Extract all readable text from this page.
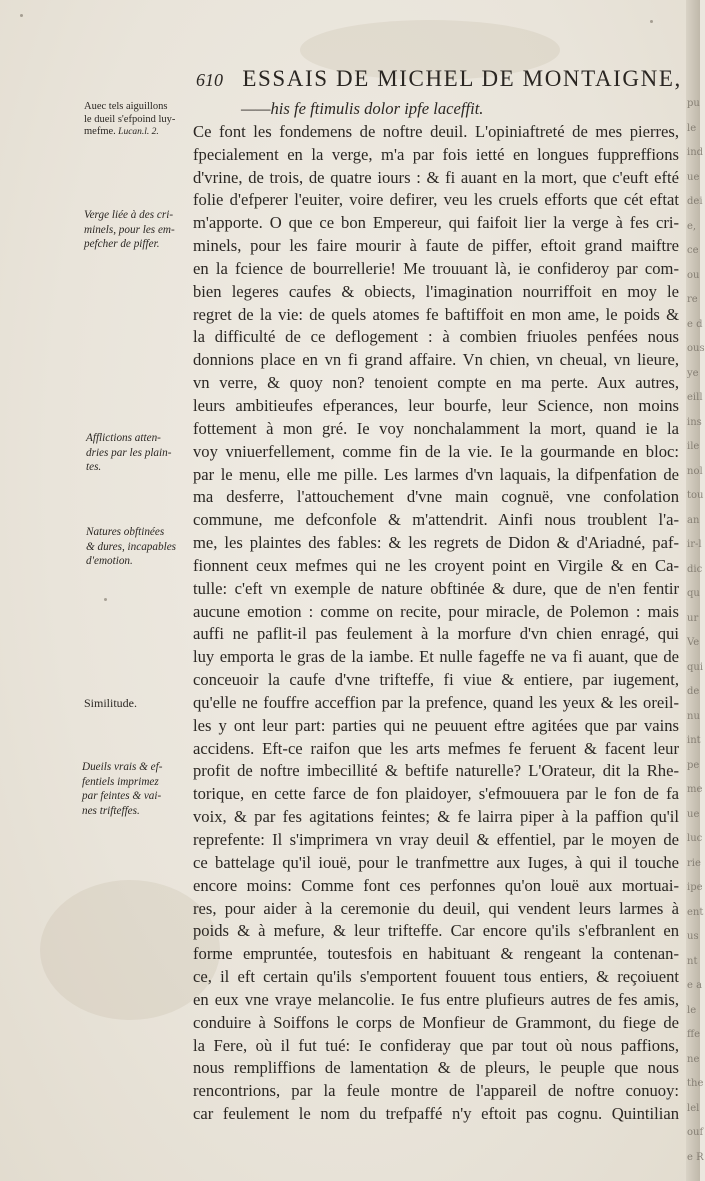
pu
le
ind
ue
dei
e,
ce
ou
re
e d
ous
ye
eill
ins
ile
nol
tou
an
ir-l
dic
qu
ur
Ve
qui
de
nu
int
pe
me
ue
luc
rie
ipe
ent
us
nt
e a
le
ffe
ne
the
lel
ouf
e R
610 ESSAIS DE MICHEL DE MONTAIGNE,
Auec tels aiguillons
le dueil s'efpoind luy-
mefme. Lucan.l. 2.
Verge liée à des cri-
minels, pour les em-
pefcher de piffer.
Afflictions atten-
dries par les plain-
tes.
Natures obftinées
& dures, incapables
d'emotion.
Similitude.
Dueils vrais & ef-
fentiels imprimez
par feintes & vai-
nes trifteffes.
——his fe ftimulis dolor ipfe laceffit.
Ce font les fondemens de noftre deuil. L'opiniaftreté de mes pierres,
fpecialement en la verge, m'a par fois ietté en longues fuppreffions
d'vrine, de trois, de quatre iours : & fi auant en la mort, que c'euft efté
folie d'efperer l'euiter, voire defirer, veu les cruels efforts que cét eftat
m'apporte. O que ce bon Empereur, qui faifoit lier la verge à fes cri-
minels, pour les faire mourir à faute de piffer, eftoit grand maiftre
en la fcience de bourrellerie! Me trouuant là, ie confideroy par com-
bien legeres caufes & obiects, l'imagination nourriffoit en moy le
regret de la vie: de quels atomes fe baftiffoit en mon ame, le poids &
la difficulté de ce deflogement : à combien friuoles penfées nous
donnions place en vn fi grand affaire. Vn chien, vn cheual, vn lieure,
vn verre, & quoy non? tenoient compte en ma perte. Aux autres,
leurs ambitieufes efperances, leur bourfe, leur Science, non moins
fottement à mon gré. Ie voy nonchalamment la mort, quand ie la
voy vniuerfellement, comme fin de la vie. Ie la gourmande en bloc:
par le menu, elle me pille. Les larmes d'vn laquais, la difpenfation de
ma desferre, l'attouchement d'vne main cognuë, vne confolation
commune, me defconfole & m'attendrit. Ainfi nous troublent l'a-
me, les plaintes des fables: & les regrets de Didon & d'Ariadné, paf-
fionnent ceux mefmes qui ne les croyent point en Virgile & en Ca-
tulle: c'eft vn exemple de nature obftinée & dure, que de n'en fentir
aucune emotion : comme on recite, pour miracle, de Polemon : mais
auffi ne paflit-il pas feulement à la morfure d'vn chien enragé, qui
luy emporta le gras de la iambe. Et nulle fageffe ne va fi auant, que de
conceuoir la caufe d'vne trifteffe, fi viue & entiere, par iugement,
qu'elle ne fouffre acceffion par la prefence, quand les yeux & les oreil-
les y ont leur part: parties qui ne peuuent eftre agitées que par vains
accidens. Eft-ce raifon que les arts mefmes fe feruent & facent leur
profit de noftre imbecillité & beftife naturelle? L'Orateur, dit la Rhe-
torique, en cette farce de fon plaidoyer, s'efmouuera par le fon de fa
voix, & par fes agitations feintes; & fe lairra piper à la paffion qu'il
reprefente: Il s'imprimera vn vray deuil & effentiel, par le moyen de
ce battelage qu'il iouë, pour le tranfmettre aux Iuges, à qui il touche
encore moins: Comme font ces perfonnes qu'on louë aux mortuai-
res, pour aider à la ceremonie du deuil, qui vendent leurs larmes à
poids & à mefure, & leur trifteffe. Car encore qu'ils s'efbranlent en
forme empruntée, toutesfois en habituant & rengeant la contenan-
ce, il eft certain qu'ils s'emportent fouuent tous entiers, & reçoiuent
en eux vne vraye melancolie. Ie fus entre plufieurs autres de fes amis,
conduire à Soiffons le corps de Monfieur de Grammont, du fiege de
la Fere, où il fut tué: Ie confideray que par tout où nous paffions,
nous rempliffions de lamentation & de pleurs, le peuple que nous
rencontrions, par la feule montre de l'appareil de noftre conuoy:
car feulement le nom du trefpaffé n'y eftoit pas cognu. Quintilian
